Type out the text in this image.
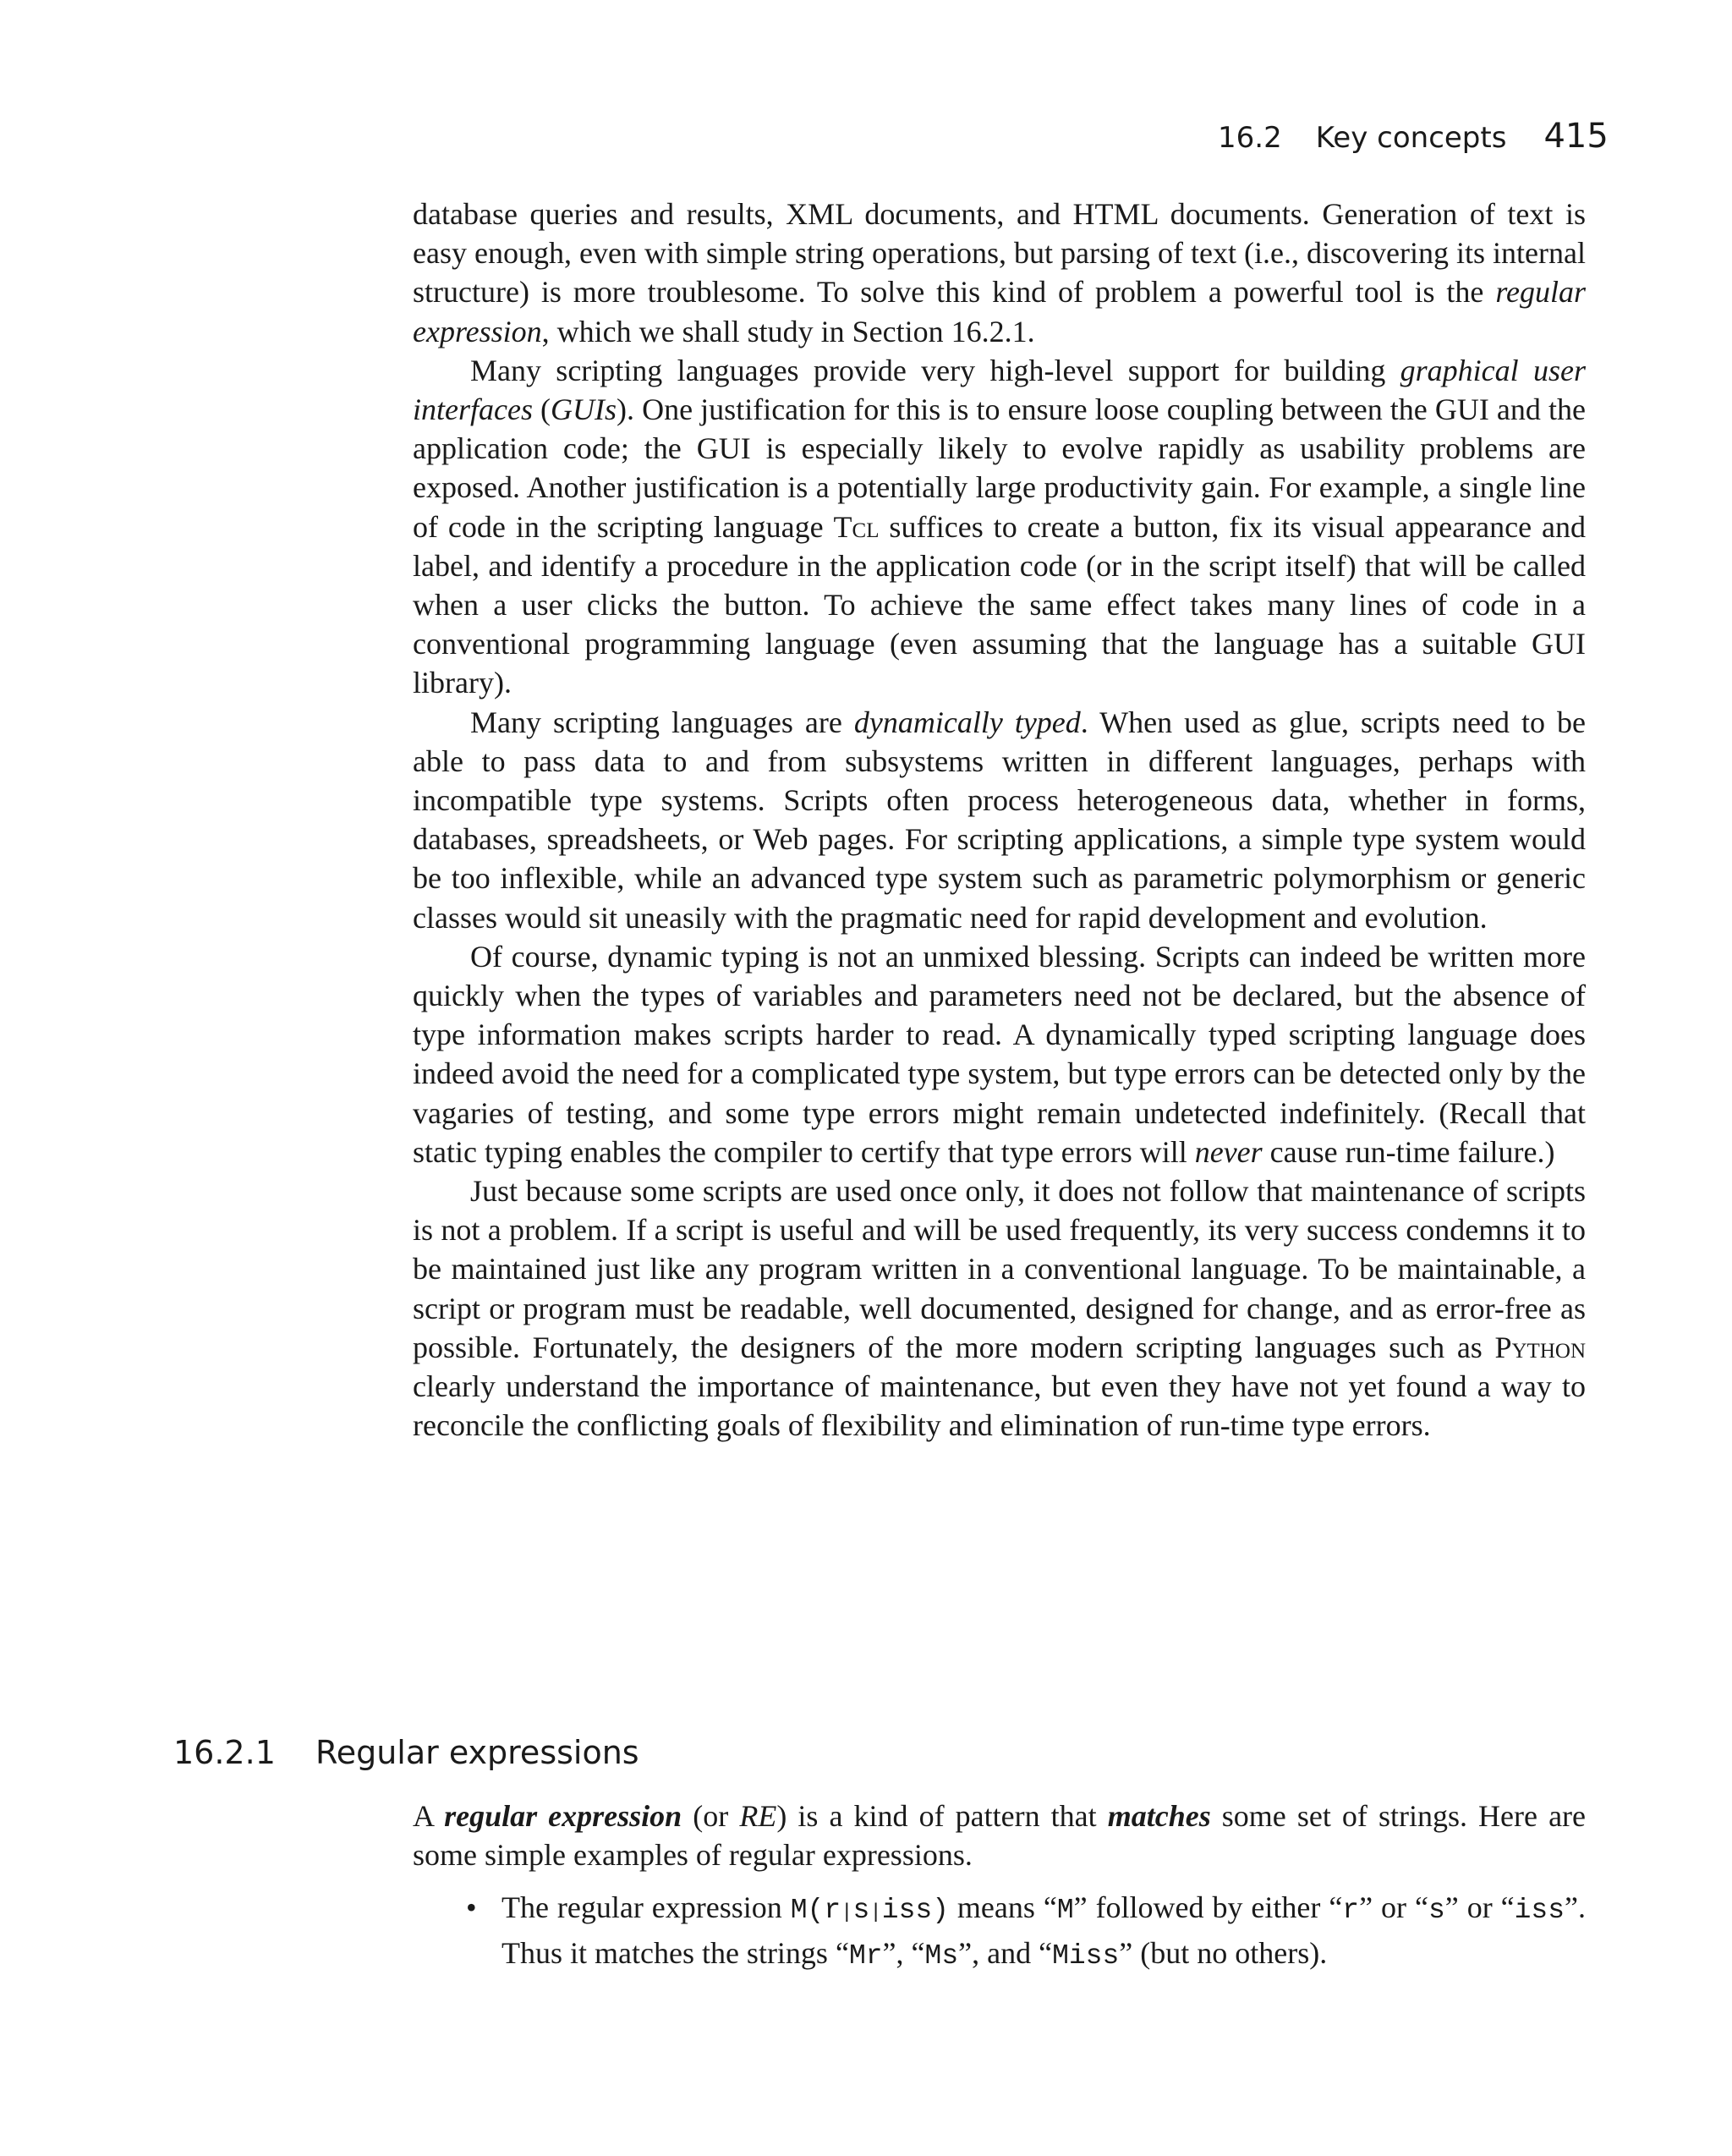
16.2 Key concepts 415

database queries and results, XML documents, and HTML documents. Generation of text is easy enough, even with simple string operations, but parsing of text (i.e., discovering its internal structure) is more troublesome. To solve this kind of problem a powerful tool is the regular expression, which we shall study in Section 16.2.1.

Many scripting languages provide very high-level support for building graphical user interfaces (GUIs). One justification for this is to ensure loose coupling between the GUI and the application code; the GUI is especially likely to evolve rapidly as usability problems are exposed. Another justification is a potentially large productivity gain. For example, a single line of code in the scripting language Tcl suffices to create a button, fix its visual appearance and label, and identify a procedure in the application code (or in the script itself) that will be called when a user clicks the button. To achieve the same effect takes many lines of code in a conventional programming language (even assuming that the language has a suitable GUI library).

Many scripting languages are dynamically typed. When used as glue, scripts need to be able to pass data to and from subsystems written in different languages, perhaps with incompatible type systems. Scripts often process heterogeneous data, whether in forms, databases, spreadsheets, or Web pages. For scripting applications, a simple type system would be too inflexible, while an advanced type system such as parametric polymorphism or generic classes would sit uneasily with the pragmatic need for rapid development and evolution.

Of course, dynamic typing is not an unmixed blessing. Scripts can indeed be written more quickly when the types of variables and parameters need not be declared, but the absence of type information makes scripts harder to read. A dynamically typed scripting language does indeed avoid the need for a complicated type system, but type errors can be detected only by the vagaries of testing, and some type errors might remain undetected indefinitely. (Recall that static typing enables the compiler to certify that type errors will never cause run-time failure.)

Just because some scripts are used once only, it does not follow that maintenance of scripts is not a problem. If a script is useful and will be used frequently, its very success condemns it to be maintained just like any program written in a conventional language. To be maintainable, a script or program must be readable, well documented, designed for change, and as error-free as possible. Fortunately, the designers of the more modern scripting languages such as Python clearly understand the importance of maintenance, but even they have not yet found a way to reconcile the conflicting goals of flexibility and elimination of run-time type errors.

16.2.1 Regular expressions

A regular expression (or RE) is a kind of pattern that matches some set of strings. Here are some simple examples of regular expressions.

• The regular expression M(r|s|iss) means “M” followed by either “r” or “s” or “iss”. Thus it matches the strings “Mr”, “Ms”, and “Miss” (but no others).
